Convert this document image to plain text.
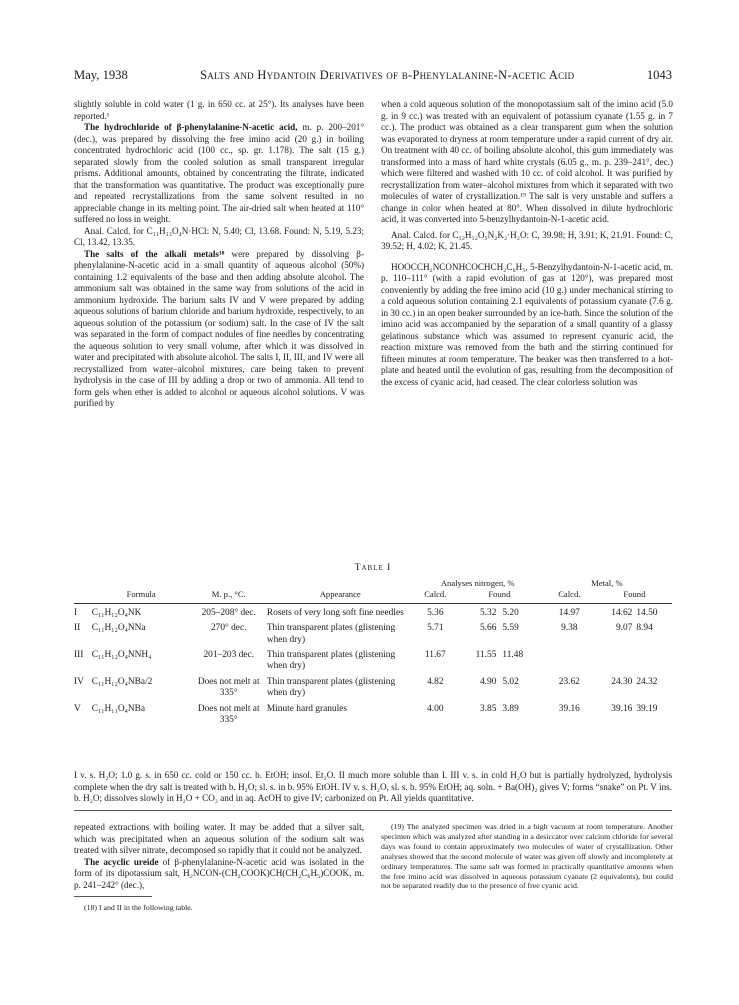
May, 1938	Salts and Hydantoin Derivatives of β-Phenylalanine-N-acetic Acid	1043

slightly soluble in cold water (1 g. in 650 cc. at 25°). Its analyses have been reported.¹

The hydrochloride of β-phenylalanine-N-acetic acid, m. p. 200–201° (dec.), was prepared by dissolving the free imino acid (20 g.) in boiling concentrated hydrochloric acid (100 cc., sp. gr. 1.178). The salt (15 g.) separated slowly from the cooled solution as small transparent irregular prisms. Additional amounts, obtained by concentrating the filtrate, indicated that the transformation was quantitative. The product was exceptionally pure and repeated recrystallizations from the same solvent resulted in no appreciable change in its melting point. The air-dried salt when heated at 110° suffered no loss in weight.

Anal. Calcd. for C₁₁H₁₃O₄N·HCl: N, 5.40; Cl, 13.68. Found: N, 5.19, 5.23; Cl, 13.42, 13.35.

The salts of the alkali metals¹⁸ were prepared by dissolving β-phenylalanine-N-acetic acid in a small quantity of aqueous alcohol (50%) containing 1.2 equivalents of the base and then adding absolute alcohol. The ammonium salt was obtained in the same way from solutions of the acid in ammonium hydroxide. The barium salts IV and V were prepared by adding aqueous solutions of barium chloride and barium hydroxide, respectively, to an aqueous solution of the potassium (or sodium) salt. In the case of IV the salt was separated in the form of compact nodules of fine needles by concentrating the aqueous solution to very small volume, after which it was dissolved in water and precipitated with absolute alcohol. The salts I, II, III, and IV were all recrystallized from water–alcohol mixtures, care being taken to prevent hydrolysis in the case of III by adding a drop or two of ammonia. All tend to form gels when ether is added to alcohol or aqueous alcohol solutions. V was purified by

when a cold aqueous solution of the monopotassium salt of the imino acid (5.0 g. in 9 cc.) was treated with an equivalent of potassium cyanate (1.55 g. in 7 cc.). The product was obtained as a clear transparent gum when the solution was evaporated to dryness at room temperature under a rapid current of dry air. On treatment with 40 cc. of boiling absolute alcohol, this gum immediately was transformed into a mass of hard white crystals (6.05 g., m. p. 239–241°, dec.) which were filtered and washed with 10 cc. of cold alcohol. It was purified by recrystallization from water–alcohol mixtures from which it separated with two molecules of water of crystallization.¹⁹ The salt is very unstable and suffers a change in color when heated at 80°. When dissolved in dilute hydrochloric acid, it was converted into 5-benzylhydantoin-N-1-acetic acid.

Anal. Calcd. for C₁₂H₁₂O₅N₂K₂·H₂O: C, 39.98; H, 3.91; K, 21.91. Found: C, 39.52; H, 4.02; K, 21.45.

HOOCCH₂NCONHCOCHCH₂C₆H₅, 5-Benzylhydantoin-N-1-acetic acid, m. p. 110–111° (with a rapid evolution of gas at 120°), was prepared most conveniently by adding the free imino acid (10 g.) under mechanical stirring to a cold aqueous solution containing 2.1 equivalents of potassium cyanate (7.6 g. in 30 cc.) in an open beaker surrounded by an ice-bath. Since the solution of the imino acid was accompanied by the separation of a small quantity of a glassy gelatinous substance which was assumed to represent cyanuric acid, the reaction mixture was removed from the bath and the stirring continued for fifteen minutes at room temperature. The beaker was then transferred to a hot-plate and heated until the evolution of gas, resulting from the decomposition of the excess of cyanic acid, had ceased. The clear colorless solution was

Table I
				Analyses nitrogen, %			Metal, %		
	Formula	M. p., °C.	Appearance	Calcd.	Found		Calcd.	Found	
I	C₁₁H₁₂O₄NK	205–208° dec.	Rosets of very long soft fine needles	5.36	5.32	5.20	14.97	14.62	14.50
II	C₁₁H₁₂O₄NNa	270° dec.	Thin transparent plates (glistening when dry)	5.71	5.66	5.59	9.38	9.07	8.94
III	C₁₁H₁₂O₄NNH₄	201–203 dec.	Thin transparent plates (glistening when dry)	11.67	11.55	11.48			
IV	C₁₁H₁₂O₄NBa/2	Does not melt at 335°	Thin transparent plates (glistening when dry)	4.82	4.90	5.02	23.62	24.30	24.32
V	C₁₁H₁₁O₄NBa	Does not melt at 335°	Minute hard granules	4.00	3.85	3.89	39.16	39.16	39.19
I v. s. H₂O; 1.0 g. s. in 650 cc. cold or 150 cc. b. EtOH; insol. Et₂O. II much more soluble than I. III v. s. in cold H₂O but is partially hydrolyzed, hydrolysis complete when the dry salt is treated with b. H₂O; sl. s. in b. 95% EtOH. IV v. s. H₂O, sl. s. b. 95% EtOH; aq. soln. + Ba(OH)₂ gives V; forms “snake” on Pt. V ins. b. H₂O; dissolves slowly in H₂O + CO₂ and in aq. AcOH to give IV; carbonized on Pt. All yields quantitative.

repeated extractions with boiling water. It may be added that a silver salt, which was precipitated when an aqueous solution of the sodium salt was treated with silver nitrate, decomposed so rapidly that it could not be analyzed.

The acyclic ureide of β-phenylalanine-N-acetic acid was isolated in the form of its dipotassium salt, H₂NCON-(CH₂COOK)CH(CH₂C₆H₅)COOK, m. p. 241–242° (dec.),

(18) I and II in the following table.

(19) The analyzed specimen was dried in a high vacuum at room temperature. Another specimen which was analyzed after standing in a desiccator over calcium chloride for several days was found to contain approximately two molecules of water of crystallization. Other analyses showed that the second molecule of water was given off slowly and incompletely at ordinary temperatures. The same salt was formed in practically quantitative amounts when the free imino acid was dissolved in aqueous potassium cyanate (2 equivalents), but could not be separated readily due to the presence of free cyanic acid.
